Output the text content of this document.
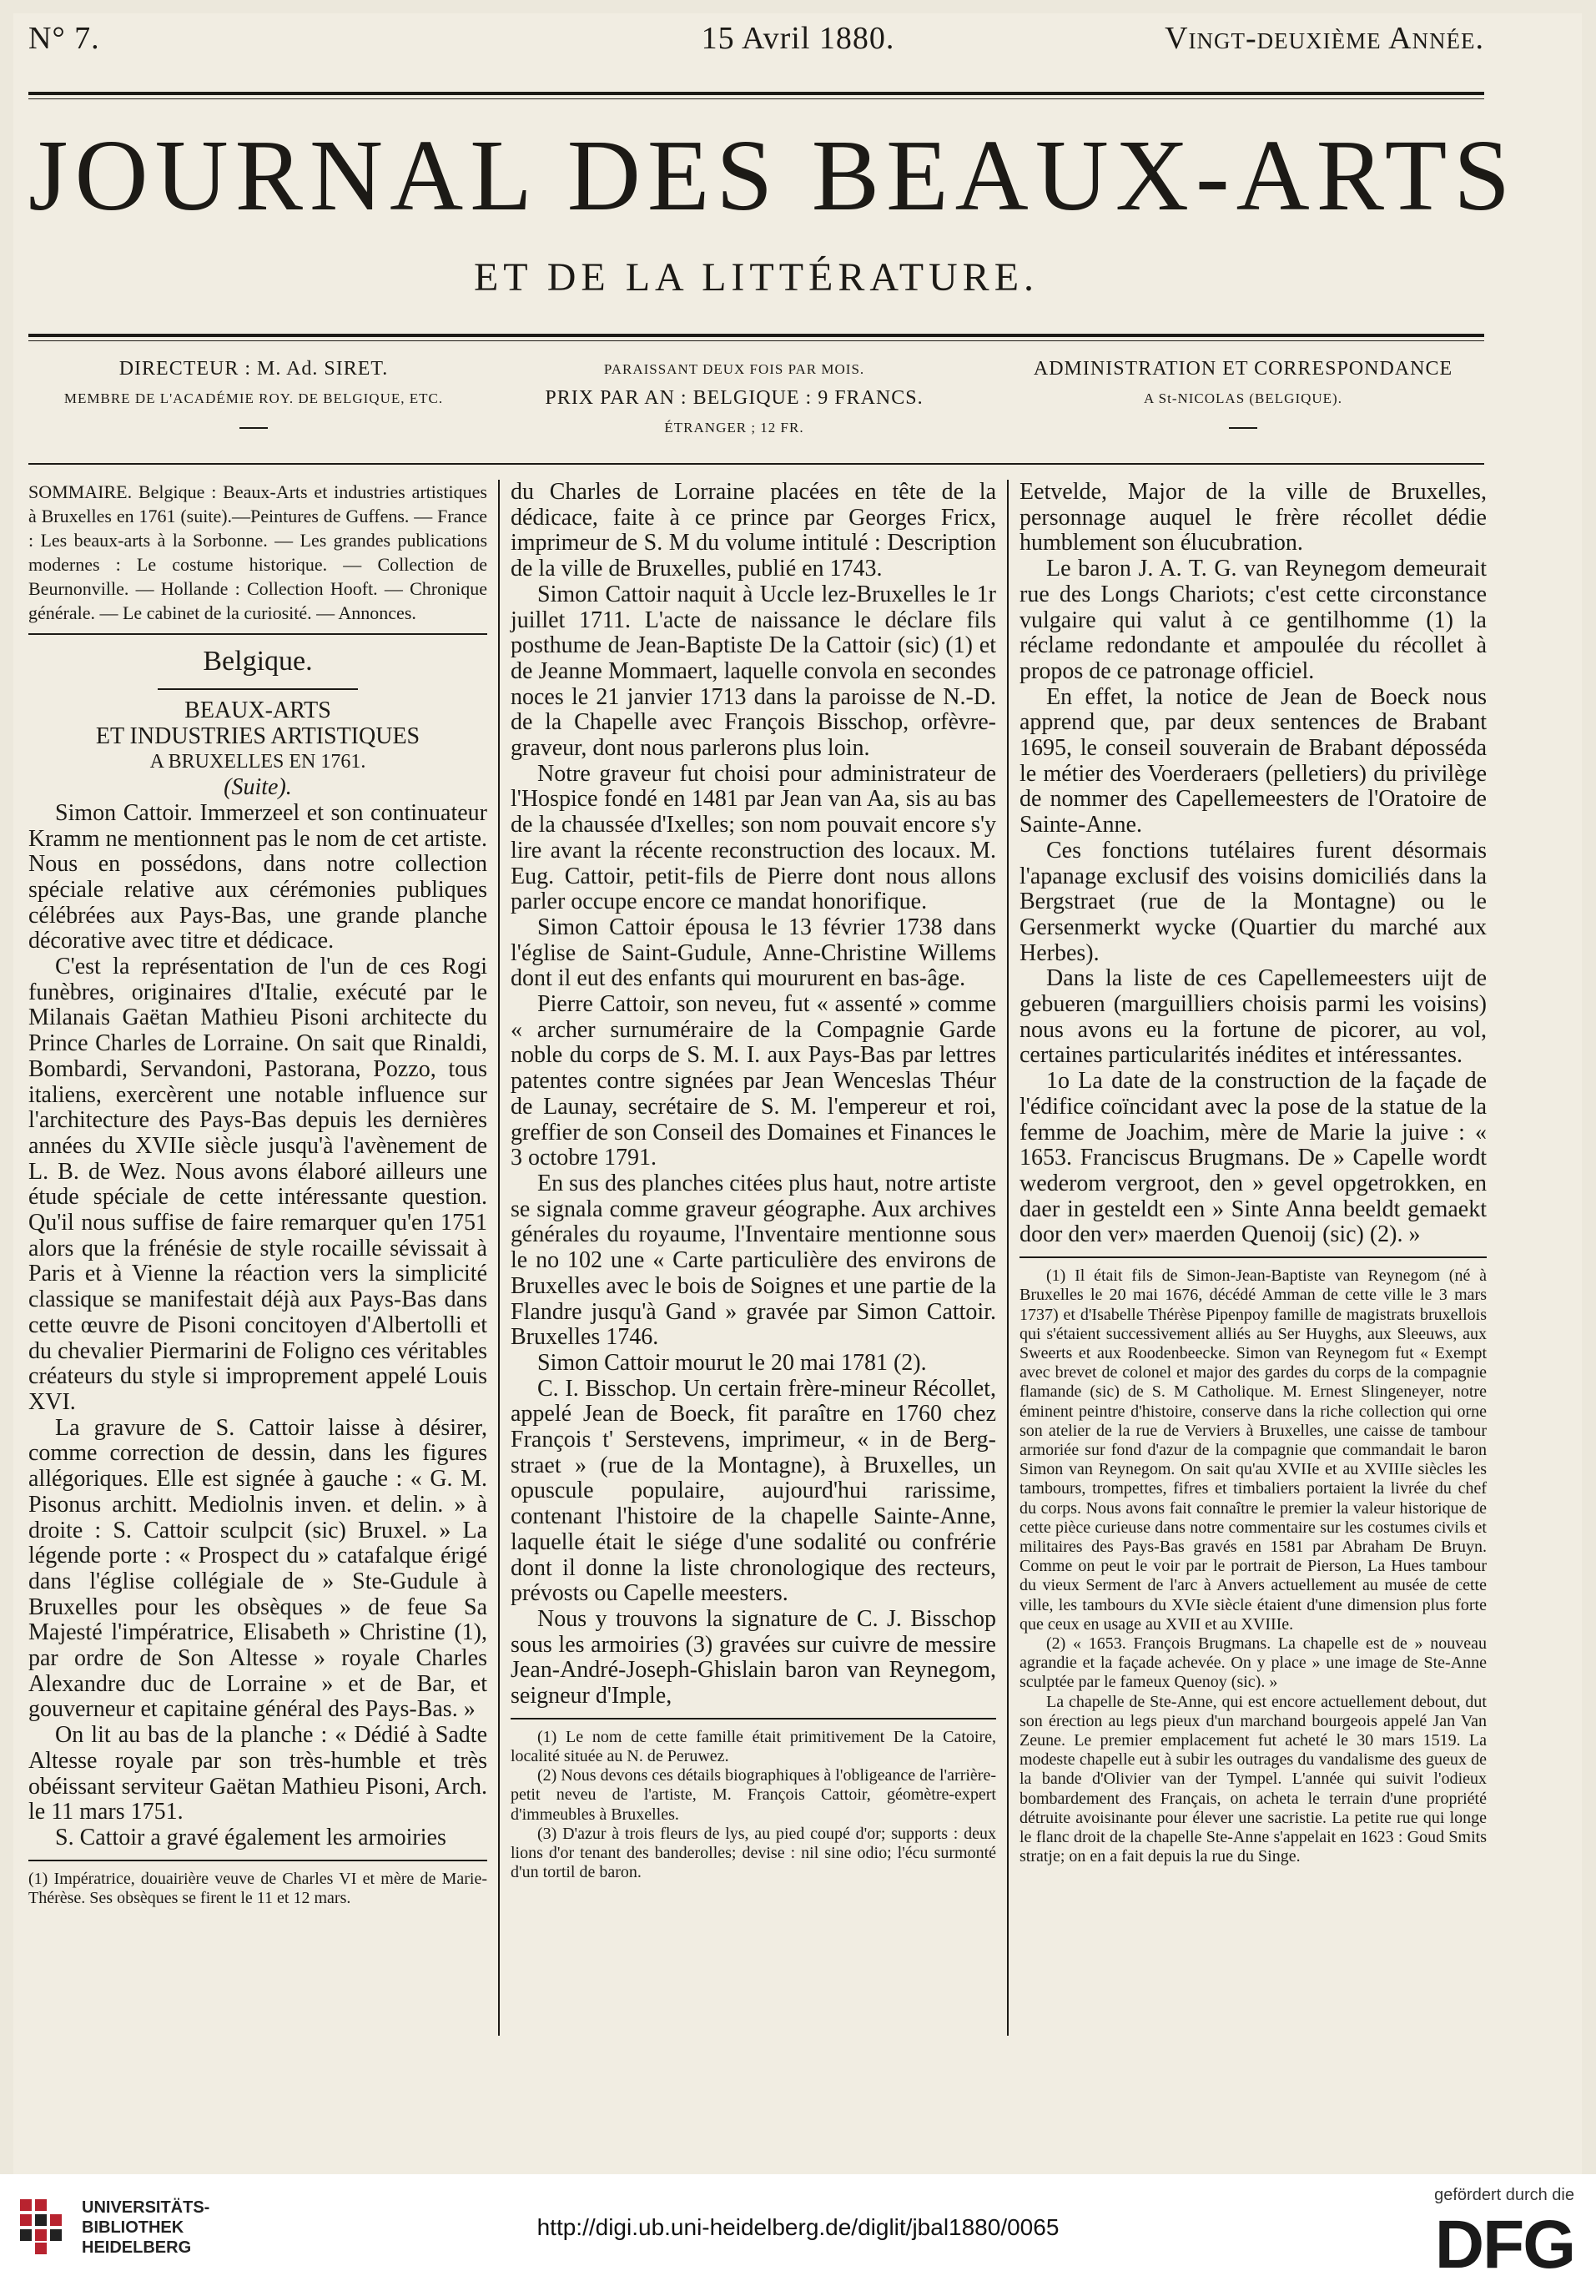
N° 7.	15 Avril 1880.	Vingt-deuxième Année.
JOURNAL DES BEAUX-ARTS
ET DE LA LITTÉRATURE.
DIRECTEUR : M. Ad. SIRET.
MEMBRE DE L'ACADÉMIE ROY. DE BELGIQUE, ETC.
PARAISSANT DEUX FOIS PAR MOIS.
PRIX PAR AN : BELGIQUE : 9 FRANCS.
ÉTRANGER ; 12 FR.
ADMINISTRATION ET CORRESPONDANCE
A St-NICOLAS (BELGIQUE).

SOMMAIRE. Belgique : Beaux-Arts et industries artistiques à Bruxelles en 1761 (suite).—Peintures de Guffens. — France : Les beaux-arts à la Sorbonne. — Les grandes publications modernes : Le costume historique. — Collection de Beurnonville. — Hollande : Collection Hooft. — Chronique générale. — Le cabinet de la curiosité. — Annonces.

Belgique.

BEAUX-ARTS

ET INDUSTRIES ARTISTIQUES

A BRUXELLES EN 1761.

(Suite).

Simon Cattoir. Immerzeel et son continuateur Kramm ne mentionnent pas le nom de cet artiste. Nous en possédons, dans notre collection spéciale relative aux cérémonies publiques célébrées aux Pays-Bas, une grande planche décorative avec titre et dédicace.

C'est la représentation de l'un de ces Rogi funèbres, originaires d'Italie, exécuté par le Milanais Gaëtan Mathieu Pisoni architecte du Prince Charles de Lorraine. On sait que Rinaldi, Bombardi, Servandoni, Pastorana, Pozzo, tous italiens, exercèrent une notable influence sur l'architecture des Pays-Bas depuis les dernières années du XVIIe siècle jusqu'à l'avènement de L. B. de Wez. Nous avons élaboré ailleurs une étude spéciale de cette intéressante question. Qu'il nous suffise de faire remarquer qu'en 1751 alors que la frénésie de style rocaille sévissait à Paris et à Vienne la réaction vers la simplicité classique se manifestait déjà aux Pays-Bas dans cette œuvre de Pisoni concitoyen d'Albertolli et du chevalier Piermarini de Foligno ces véritables créateurs du style si improprement appelé Louis XVI.

La gravure de S. Cattoir laisse à désirer, comme correction de dessin, dans les figures allégoriques. Elle est signée à gauche : « G. M. Pisonus architt. Mediolnis inven. et delin. » à droite : S. Cattoir sculpcit (sic) Bruxel. » La légende porte : « Prospect du » catafalque érigé dans l'église collégiale de » Ste-Gudule à Bruxelles pour les obsèques » de feue Sa Majesté l'impératrice, Elisabeth » Christine (1), par ordre de Son Altesse » royale Charles Alexandre duc de Lorraine » et de Bar, et gouverneur et capitaine général des Pays-Bas. »

On lit au bas de la planche : « Dédié à Sadte Altesse royale par son très-humble et très obéissant serviteur Gaëtan Mathieu Pisoni, Arch. le 11 mars 1751.

S. Cattoir a gravé également les armoiries

(1) Impératrice, douairière veuve de Charles VI et mère de Marie-Thérèse. Ses obsèques se firent le 11 et 12 mars.

du Charles de Lorraine placées en tête de la dédicace, faite à ce prince par Georges Fricx, imprimeur de S. M du volume intitulé : Description de la ville de Bruxelles, publié en 1743.

Simon Cattoir naquit à Uccle lez-Bruxelles le 1r juillet 1711. L'acte de naissance le déclare fils posthume de Jean-Baptiste De la Cattoir (sic) (1) et de Jeanne Mommaert, laquelle convola en secondes noces le 21 janvier 1713 dans la paroisse de N.-D. de la Chapelle avec François Bisschop, orfèvre-graveur, dont nous parlerons plus loin.

Notre graveur fut choisi pour administrateur de l'Hospice fondé en 1481 par Jean van Aa, sis au bas de la chaussée d'Ixelles; son nom pouvait encore s'y lire avant la récente reconstruction des locaux. M. Eug. Cattoir, petit-fils de Pierre dont nous allons parler occupe encore ce mandat honorifique.

Simon Cattoir épousa le 13 février 1738 dans l'église de Saint-Gudule, Anne-Christine Willems dont il eut des enfants qui moururent en bas-âge.

Pierre Cattoir, son neveu, fut « assenté » comme « archer surnuméraire de la Compagnie Garde noble du corps de S. M. I. aux Pays-Bas par lettres patentes contre signées par Jean Wenceslas Théur de Launay, secrétaire de S. M. l'empereur et roi, greffier de son Conseil des Domaines et Finances le 3 octobre 1791.

En sus des planches citées plus haut, notre artiste se signala comme graveur géographe. Aux archives générales du royaume, l'Inventaire mentionne sous le no 102 une « Carte particulière des environs de Bruxelles avec le bois de Soignes et une partie de la Flandre jusqu'à Gand » gravée par Simon Cattoir. Bruxelles 1746.

Simon Cattoir mourut le 20 mai 1781 (2).

C. I. Bisschop. Un certain frère-mineur Récollet, appelé Jean de Boeck, fit paraître en 1760 chez François t' Serstevens, imprimeur, « in de Berg-straet » (rue de la Montagne), à Bruxelles, un opuscule populaire, aujourd'hui rarissime, contenant l'histoire de la chapelle Sainte-Anne, laquelle était le siége d'une sodalité ou confrérie dont il donne la liste chronologique des recteurs, prévosts ou Capelle meesters.

Nous y trouvons la signature de C. J. Bisschop sous les armoiries (3) gravées sur cuivre de messire Jean-André-Joseph-Ghislain baron van Reynegom, seigneur d'Imple,

(1) Le nom de cette famille était primitivement De la Catoire, localité située au N. de Peruwez.

(2) Nous devons ces détails biographiques à l'obligeance de l'arrière-petit neveu de l'artiste, M. François Cattoir, géomètre-expert d'immeubles à Bruxelles.

(3) D'azur à trois fleurs de lys, au pied coupé d'or; supports : deux lions d'or tenant des banderolles; devise : nil sine odio; l'écu surmonté d'un tortil de baron.

Eetvelde, Major de la ville de Bruxelles, personnage auquel le frère récollet dédie humblement son élucubration.

Le baron J. A. T. G. van Reynegom demeurait rue des Longs Chariots; c'est cette circonstance vulgaire qui valut à ce gentilhomme (1) la réclame redondante et ampoulée du récollet à propos de ce patronage officiel.

En effet, la notice de Jean de Boeck nous apprend que, par deux sentences de Brabant 1695, le conseil souverain de Brabant déposséda le métier des Voerderaers (pelletiers) du privilège de nommer des Capellemeesters de l'Oratoire de Sainte-Anne.

Ces fonctions tutélaires furent désormais l'apanage exclusif des voisins domiciliés dans la Bergstraet (rue de la Montagne) ou le Gersenmerkt wycke (Quartier du marché aux Herbes).

Dans la liste de ces Capellemeesters uijt de gebueren (marguilliers choisis parmi les voisins) nous avons eu la fortune de picorer, au vol, certaines particularités inédites et intéressantes.

1o La date de la construction de la façade de l'édifice coïncidant avec la pose de la statue de la femme de Joachim, mère de Marie la juive : « 1653. Franciscus Brugmans. De » Capelle wordt wederom vergroot, den » gevel opgetrokken, en daer in gesteldt een » Sinte Anna beeldt gemaekt door den ver» maerden Quenoij (sic) (2). »

(1) Il était fils de Simon-Jean-Baptiste van Reynegom (né à Bruxelles le 20 mai 1676, décédé Amman de cette ville le 3 mars 1737) et d'Isabelle Thérèse Pipenpoy famille de magistrats bruxellois qui s'étaient successivement alliés au Ser Huyghs, aux Sleeuws, aux Sweerts et aux Roodenbeecke. Simon van Reynegom fut « Exempt avec brevet de colonel et major des gardes du corps de la compagnie flamande (sic) de S. M Catholique. M. Ernest Slingeneyer, notre éminent peintre d'histoire, conserve dans la riche collection qui orne son atelier de la rue de Verviers à Bruxelles, une caisse de tambour armoriée sur fond d'azur de la compagnie que commandait le baron Simon van Reynegom. On sait qu'au XVIIe et au XVIIIe siècles les tambours, trompettes, fifres et timbaliers portaient la livrée du chef du corps. Nous avons fait connaître le premier la valeur historique de cette pièce curieuse dans notre commentaire sur les costumes civils et militaires des Pays-Bas gravés en 1581 par Abraham De Bruyn. Comme on peut le voir par le portrait de Pierson, La Hues tambour du vieux Serment de l'arc à Anvers actuellement au musée de cette ville, les tambours du XVIe siècle étaient d'une dimension plus forte que ceux en usage au XVII et au XVIIIe.

(2) « 1653. François Brugmans. La chapelle est de » nouveau agrandie et la façade achevée. On y place » une image de Ste-Anne sculptée par le fameux Quenoy (sic). »

La chapelle de Ste-Anne, qui est encore actuellement debout, dut son érection au legs pieux d'un marchand bourgeois appelé Jan Van Zeune. Le premier emplacement fut acheté le 30 mars 1519. La modeste chapelle eut à subir les outrages du vandalisme des gueux de la bande d'Olivier van der Tympel. L'année qui suivit l'odieux bombardement des Français, on acheta le terrain d'une propriété détruite avoisinante pour élever une sacristie. La petite rue qui longe le flanc droit de la chapelle Ste-Anne s'appelait en 1623 : Goud Smits stratje; on en a fait depuis la rue du Singe.

UNIVERSITÄTS-
BIBLIOTHEK
HEIDELBERG
http://digi.ub.uni-heidelberg.de/diglit/jbal1880/0065
gefördert durch die
DFG
